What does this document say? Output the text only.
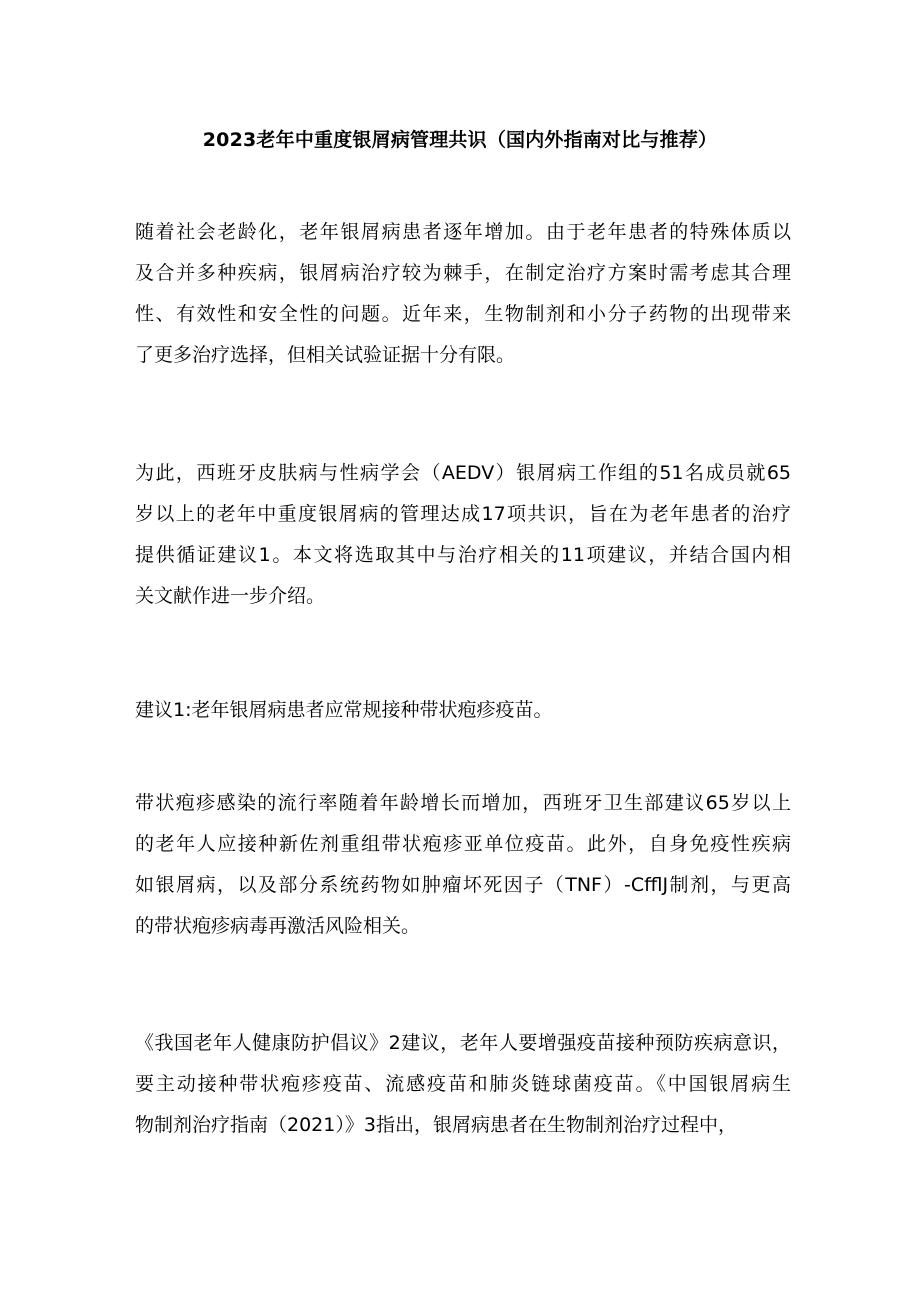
2023老年中重度银屑病管理共识（国内外指南对比与推荐）
随着社会老龄化，老年银屑病患者逐年增加。由于老年患者的特殊体质以
及合并多种疾病，银屑病治疗较为棘手，在制定治疗方案时需考虑其合理
性、有效性和安全性的问题。近年来，生物制剂和小分子药物的出现带来
了更多治疗选择，但相关试验证据十分有限。
为此，西班牙皮肤病与性病学会（AEDV）银屑病工作组的51名成员就65
岁以上的老年中重度银屑病的管理达成17项共识，旨在为老年患者的治疗
提供循证建议1。本文将选取其中与治疗相关的11项建议，并结合国内相
关文献作进一步介绍。
建议1:老年银屑病患者应常规接种带状疱疹疫苗。
带状疱疹感染的流行率随着年龄增长而增加，西班牙卫生部建议65岁以上
的老年人应接种新佐剂重组带状疱疹亚单位疫苗。此外，自身免疫性疾病
如银屑病，以及部分系统药物如肿瘤坏死因子（TNF）-CfflJ制剂，与更高
的带状疱疹病毒再激活风险相关。
《我国老年人健康防护倡议》2建议，老年人要增强疫苗接种预防疾病意识，
要主动接种带状疱疹疫苗、流感疫苗和肺炎链球菌疫苗。《中国银屑病生
物制剂治疗指南（2021）》3指出，银屑病患者在生物制剂治疗过程中，
